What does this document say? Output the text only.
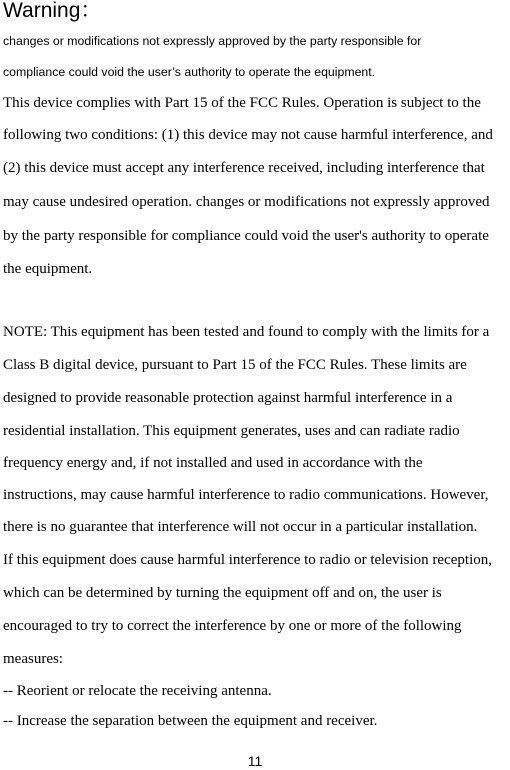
Warning：
changes or modifications not expressly approved by the party responsible for
compliance could void the user’s authority to operate the equipment.
This device complies with Part 15 of the FCC Rules. Operation is subject to the
following two conditions: (1) this device may not cause harmful interference, and
(2) this device must accept any interference received, including interference that
may cause undesired operation. changes or modifications not expressly approved
by the party responsible for compliance could void the user's authority to operate
the equipment.
NOTE: This equipment has been tested and found to comply with the limits for a
Class B digital device, pursuant to Part 15 of the FCC Rules. These limits are
designed to provide reasonable protection against harmful interference in a
residential installation. This equipment generates, uses and can radiate radio
frequency energy and, if not installed and used in accordance with the
instructions, may cause harmful interference to radio communications. However,
there is no guarantee that interference will not occur in a particular installation.
If this equipment does cause harmful interference to radio or television reception,
which can be determined by turning the equipment off and on, the user is
encouraged to try to correct the interference by one or more of the following
measures:
-- Reorient or relocate the receiving antenna.
-- Increase the separation between the equipment and receiver.
11
